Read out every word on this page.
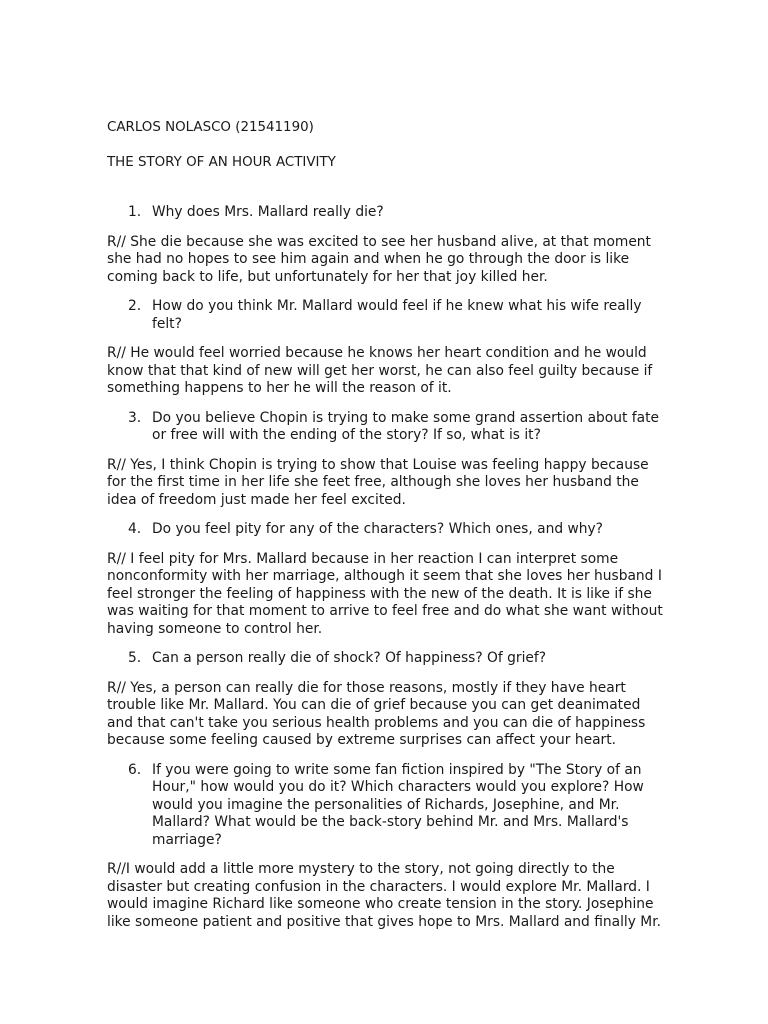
CARLOS NOLASCO (21541190)

THE STORY OF AN HOUR ACTIVITY

1. Why does Mrs. Mallard really die?
R// She die because she was excited to see her husband alive, at that moment she had no hopes to see him again and when he go through the door is like coming back to life, but unfortunately for her that joy killed her.
2. How do you think Mr. Mallard would feel if he knew what his wife really felt?
R// He would feel worried because he knows her heart condition and he would know that that kind of new will get her worst, he can also feel guilty because if something happens to her he will the reason of it.
3. Do you believe Chopin is trying to make some grand assertion about fate or free will with the ending of the story? If so, what is it?
R// Yes, I think Chopin is trying to show that Louise was feeling happy because for the first time in her life she feet free, although she loves her husband the idea of freedom just made her feel excited.
4. Do you feel pity for any of the characters? Which ones, and why?
R// I feel pity for Mrs. Mallard because in her reaction I can interpret some nonconformity with her marriage, although it seem that she loves her husband I feel stronger the feeling of happiness with the new of the death. It is like if she was waiting for that moment to arrive to feel free and do what she want without having someone to control her.
5. Can a person really die of shock? Of happiness? Of grief?
R// Yes, a person can really die for those reasons, mostly if they have heart trouble like Mr. Mallard. You can die of grief because you can get deanimated and that can't take you serious health problems and you can die of happiness because some feeling caused by extreme surprises can affect your heart.
6. If you were going to write some fan fiction inspired by "The Story of an Hour," how would you do it? Which characters would you explore? How would you imagine the personalities of Richards, Josephine, and Mr. Mallard? What would be the back-story behind Mr. and Mrs. Mallard's marriage?
R//I would add a little more mystery to the story, not going directly to the disaster but creating confusion in the characters. I would explore Mr. Mallard. I would imagine Richard like someone who create tension in the story. Josephine like someone patient and positive that gives hope to Mrs. Mallard and finally Mr.
